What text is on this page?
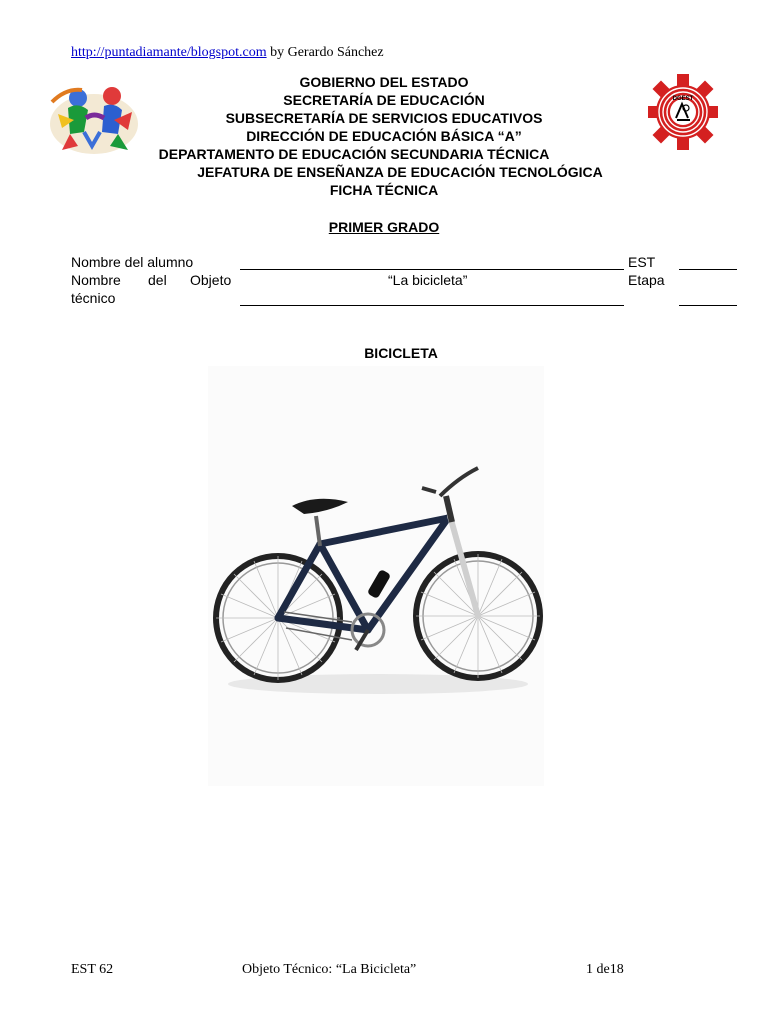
http://puntadiamante/blogspot.com by Gerardo Sánchez
DGEST
GOBIERNO DEL ESTADO
SECRETARÍA DE EDUCACIÓN
SUBSECRETARÍA DE SERVICIOS EDUCATIVOS
DIRECCIÓN DE EDUCACIÓN BÁSICA “A”
DEPARTAMENTO DE EDUCACIÓN SECUNDARIA TÉCNICA
JEFATURA DE ENSEÑANZA DE EDUCACIÓN TECNOLÓGICA
FICHA TÉCNICA
PRIMER GRADO
Nombre del alumno
Nombre del Objeto
técnico
“La bicicleta”
EST
Etapa
BICICLETA
EST 62	Objeto Técnico: “La Bicicleta”	1 de18
